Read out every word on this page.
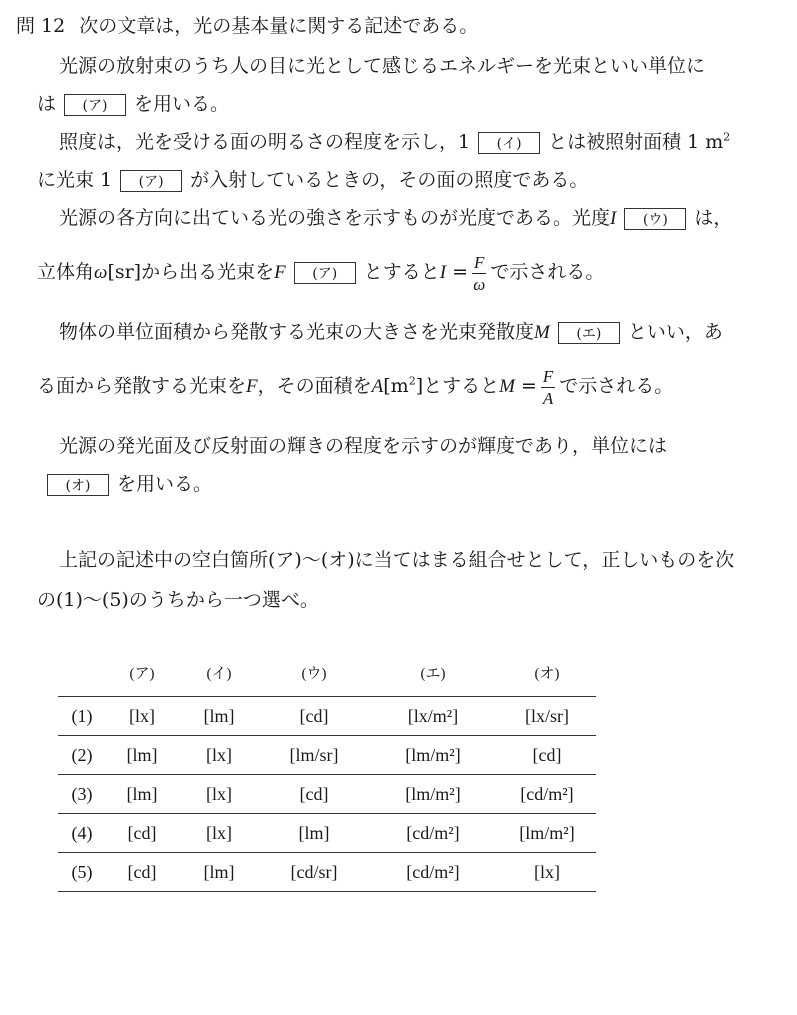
問 12 次の文章は，光の基本量に関する記述である。
光源の放射束のうち人の目に光として感じるエネルギーを光束といい単位に
は (ア) を用いる。
照度は，光を受ける面の明るさの程度を示し，1 (イ) とは被照射面積 1 $m^2$
に光束 1 (ア) が入射しているときの，その面の照度である。
光源の各方向に出ている光の強さを示すものが光度である。光度I (ウ) は，
立体角ω[sr]から出る光束をF (ア) とすると$I = \frac{F}{\omega}$ で示される。
物体の単位面積から発散する光束の大きさを光束発散度M (エ) といい，あ
る面から発散する光束をF，その面積を$A[m^2]$とすると$M = \frac{F}{A}$ で示される。
光源の発光面及び反射面の輝きの程度を示すのが輝度であり，単位には
(オ) を用いる。
上記の記述中の空白箇所(ア)～(オ)に当てはまる組合せとして，正しいものを次
の(1)～(5)のうちから一つ選べ。
	(ア)	(イ)	(ウ)	(エ)	(オ)
(1)	[lx]	[lm]	[cd]	[lx/m²]	[lx/sr]
(2)	[lm]	[lx]	[lm/sr]	[lm/m²]	[cd]
(3)	[lm]	[lx]	[cd]	[lm/m²]	[cd/m²]
(4)	[cd]	[lx]	[lm]	[cd/m²]	[lm/m²]
(5)	[cd]	[lm]	[cd/sr]	[cd/m²]	[lx]
